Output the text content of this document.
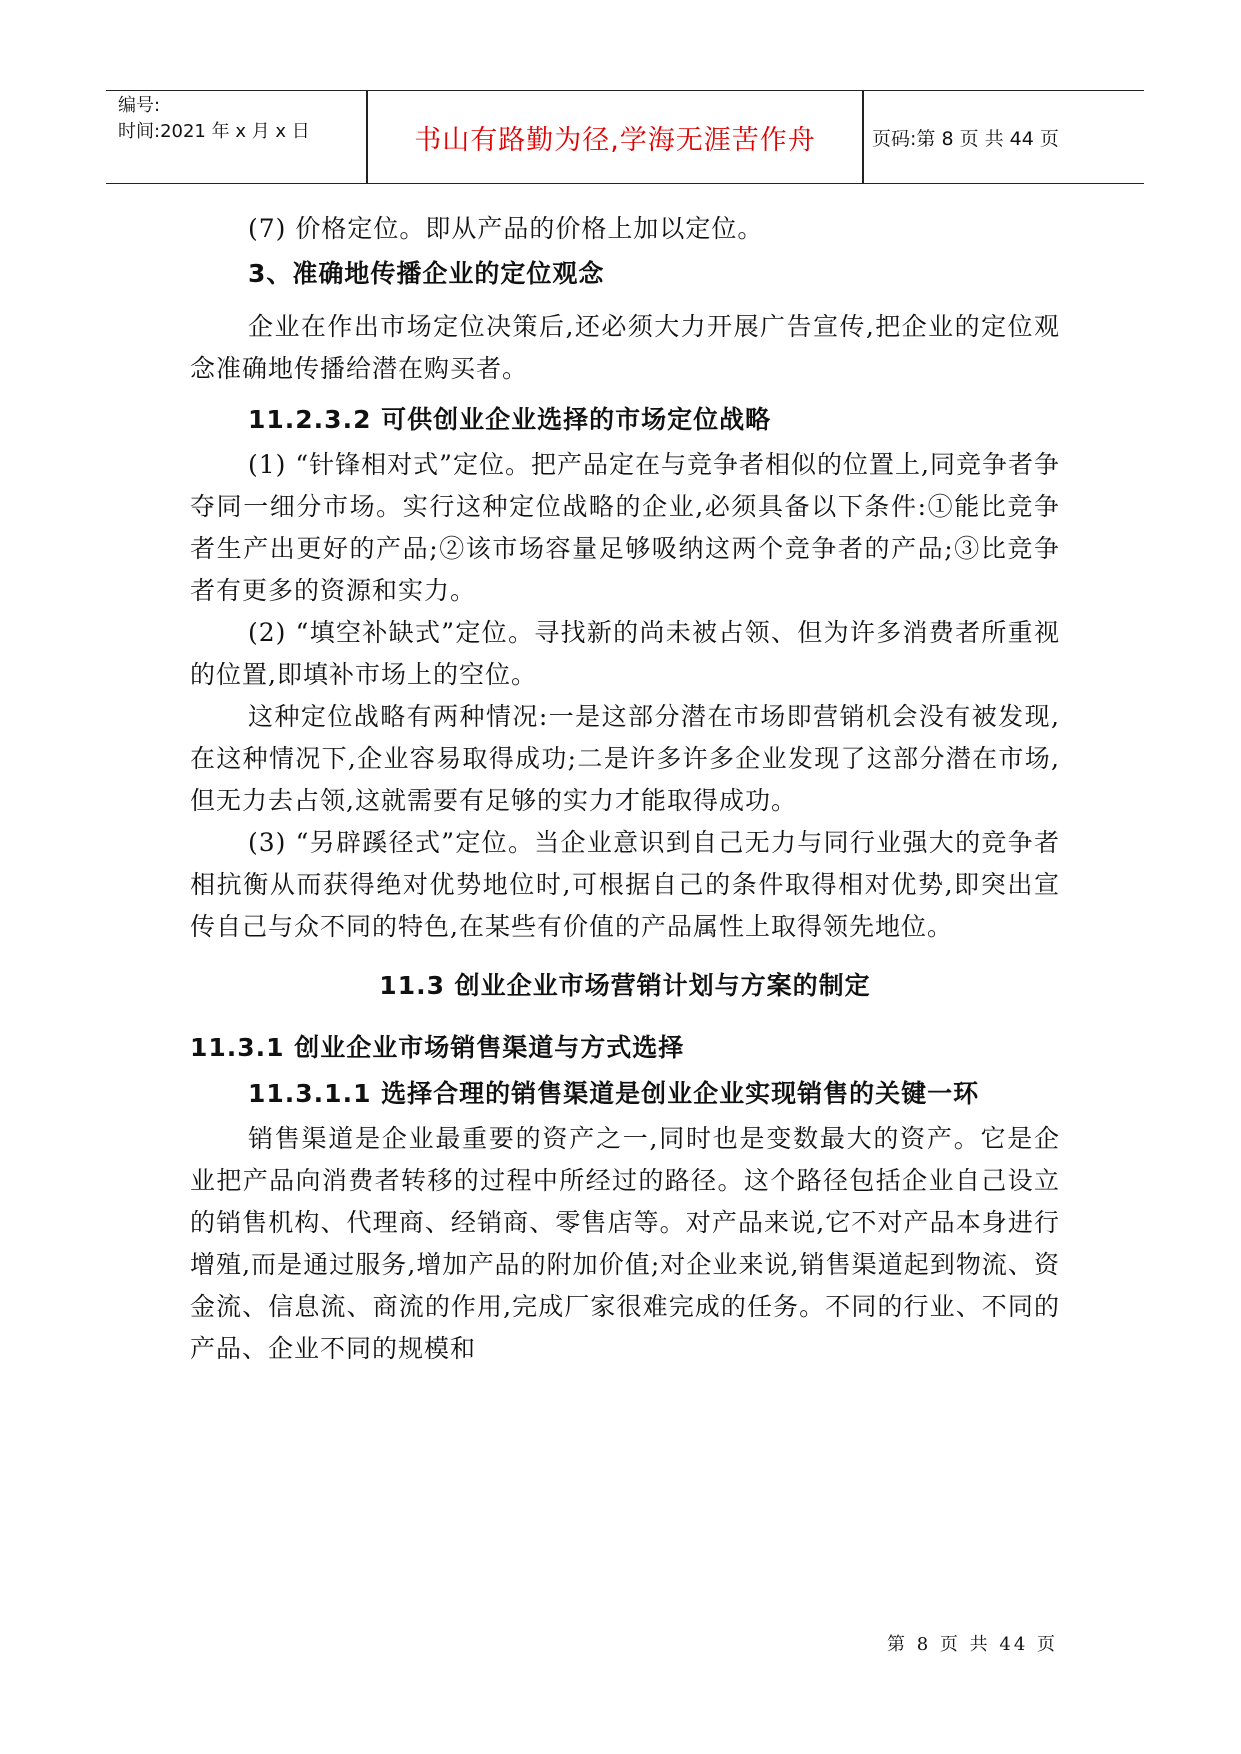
编号:
时间:2021 年 x 月 x 日	书山有路勤为径,学海无涯苦作舟	页码:第 8 页 共 44 页

(7) 价格定位。即从产品的价格上加以定位。

3、准确地传播企业的定位观念

企业在作出市场定位决策后,还必须大力开展广告宣传,把企业的定位观念准确地传播给潜在购买者。

11.2.3.2 可供创业企业选择的市场定位战略

(1) “针锋相对式”定位。把产品定在与竞争者相似的位置上,同竞争者争夺同一细分市场。实行这种定位战略的企业,必须具备以下条件:①能比竞争者生产出更好的产品;②该市场容量足够吸纳这两个竞争者的产品;③比竞争者有更多的资源和实力。

(2) “填空补缺式”定位。寻找新的尚未被占领、但为许多消费者所重视的位置,即填补市场上的空位。

这种定位战略有两种情况:一是这部分潜在市场即营销机会没有被发现,在这种情况下,企业容易取得成功;二是许多许多企业发现了这部分潜在市场,但无力去占领,这就需要有足够的实力才能取得成功。

(3) “另辟蹊径式”定位。当企业意识到自己无力与同行业强大的竞争者相抗衡从而获得绝对优势地位时,可根据自己的条件取得相对优势,即突出宣传自己与众不同的特色,在某些有价值的产品属性上取得领先地位。

11.3 创业企业市场营销计划与方案的制定

11.3.1 创业企业市场销售渠道与方式选择

11.3.1.1 选择合理的销售渠道是创业企业实现销售的关键一环

销售渠道是企业最重要的资产之一,同时也是变数最大的资产。它是企业把产品向消费者转移的过程中所经过的路径。这个路径包括企业自己设立的销售机构、代理商、经销商、零售店等。对产品来说,它不对产品本身进行增殖,而是通过服务,增加产品的附加价值;对企业来说,销售渠道起到物流、资金流、信息流、商流的作用,完成厂家很难完成的任务。不同的行业、不同的产品、企业不同的规模和

第 8 页 共 44 页
